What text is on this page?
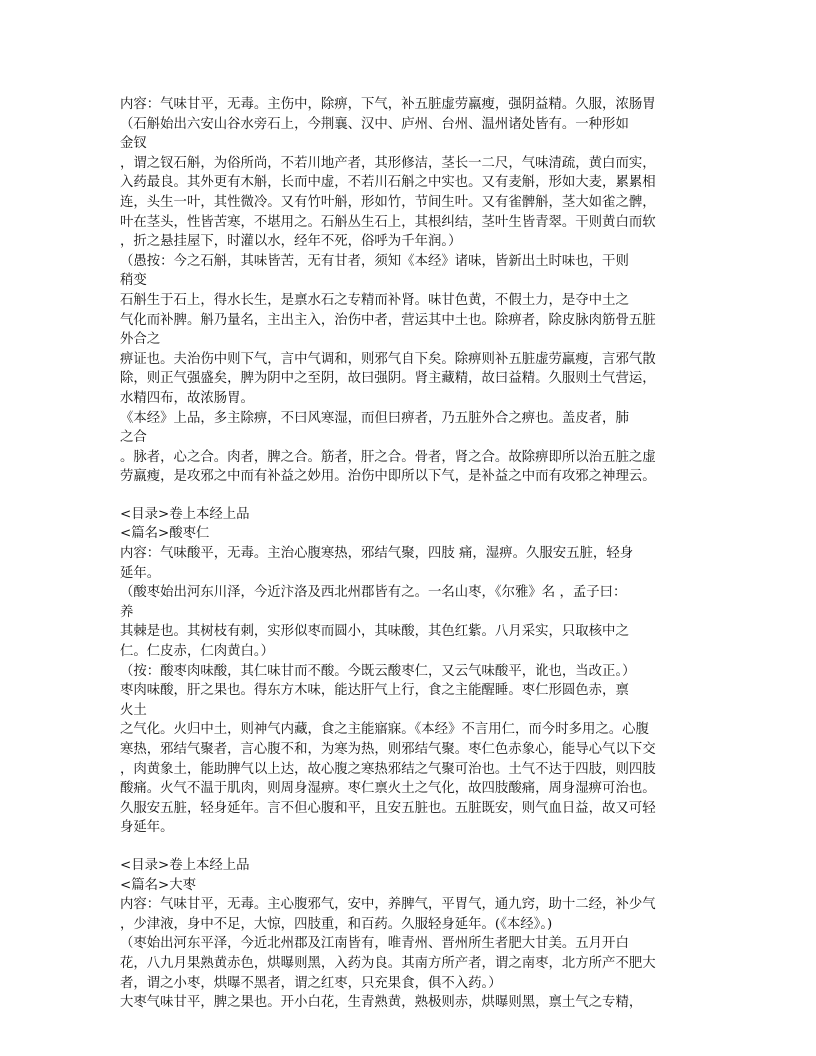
内容：气味甘平，无毒。主伤中，除痹，下气，补五脏虚劳羸瘦，强阴益精。久服，浓肠胃
（石斛始出六安山谷水旁石上，今荆襄、汉中、庐州、台州、温州诸处皆有。一种形如
金钗
，谓之钗石斛，为俗所尚，不若川地产者，其形修洁，茎长一二尺，气味清疏，黄白而实，
入药最良。其外更有木斛，长而中虚，不若川石斛之中实也。又有麦斛，形如大麦，累累相
连，头生一叶，其性微冷。又有竹叶斛，形如竹，节间生叶。又有雀髀斛，茎大如雀之髀，
叶在茎头，性皆苦寒，不堪用之。石斛丛生石上，其根纠结，茎叶生皆青翠。干则黄白而软
，折之悬挂屋下，时灌以水，经年不死，俗呼为千年润。）
（愚按：今之石斛，其味皆苦，无有甘者，须知《本经》诸味，皆新出土时味也，干则
稍变
石斛生于石上，得水长生，是禀水石之专精而补肾。味甘色黄，不假土力，是夺中土之
气化而补脾。斛乃量名，主出主入，治伤中者，营运其中土也。除痹者，除皮脉肉筋骨五脏
外合之
痹证也。夫治伤中则下气，言中气调和，则邪气自下矣。除痹则补五脏虚劳羸瘦，言邪气散
除，则正气强盛矣，脾为阴中之至阴，故曰强阴。肾主藏精，故曰益精。久服则土气营运，
水精四布，故浓肠胃。
《本经》上品，多主除痹，不曰风寒湿，而但曰痹者，乃五脏外合之痹也。盖皮者，肺
之合
。脉者，心之合。肉者，脾之合。筋者，肝之合。骨者，肾之合。故除痹即所以治五脏之虚
劳羸瘦，是攻邪之中而有补益之妙用。治伤中即所以下气，是补益之中而有攻邪之神理云。
<目录>卷上本经上品
<篇名>酸枣仁
内容：气味酸平，无毒。主治心腹寒热，邪结气聚，四肢 痛，湿痹。久服安五脏，轻身
延年。
（酸枣始出河东川泽，今近汴洛及西北州郡皆有之。一名山枣，《尔雅》名 ，孟子曰：
养
其棘是也。其树枝有刺，实形似枣而圆小，其味酸，其色红紫。八月采实，只取核中之
仁。仁皮赤，仁肉黄白。）
（按：酸枣肉味酸，其仁味甘而不酸。今既云酸枣仁，又云气味酸平，讹也，当改正。）
枣肉味酸，肝之果也。得东方木味，能达肝气上行，食之主能醒睡。枣仁形圆色赤，禀
火土
之气化。火归中土，则神气内藏，食之主能寤寐。《本经》不言用仁，而今时多用之。心腹
寒热，邪结气聚者，言心腹不和，为寒为热，则邪结气聚。枣仁色赤象心，能导心气以下交
，肉黄象土，能助脾气以上达，故心腹之寒热邪结之气聚可治也。土气不达于四肢，则四肢
酸痛。火气不温于肌肉，则周身湿痹。枣仁禀火土之气化，故四肢酸痛，周身湿痹可治也。
久服安五脏，轻身延年。言不但心腹和平，且安五脏也。五脏既安，则气血日益，故又可轻
身延年。
<目录>卷上本经上品
<篇名>大枣
内容：气味甘平，无毒。主心腹邪气，安中，养脾气，平胃气，通九窍，助十二经，补少气
，少津液，身中不足，大惊，四肢重，和百药。久服轻身延年。(《本经》。)
（枣始出河东平泽，今近北州郡及江南皆有，唯青州、晋州所生者肥大甘美。五月开白
花，八九月果熟黄赤色，烘曝则黑，入药为良。其南方所产者，谓之南枣，北方所产不肥大
者，谓之小枣，烘曝不黑者，谓之红枣，只充果食，俱不入药。）
大枣气味甘平，脾之果也。开小白花，生青熟黄，熟极则赤，烘曝则黑，禀土气之专精，
